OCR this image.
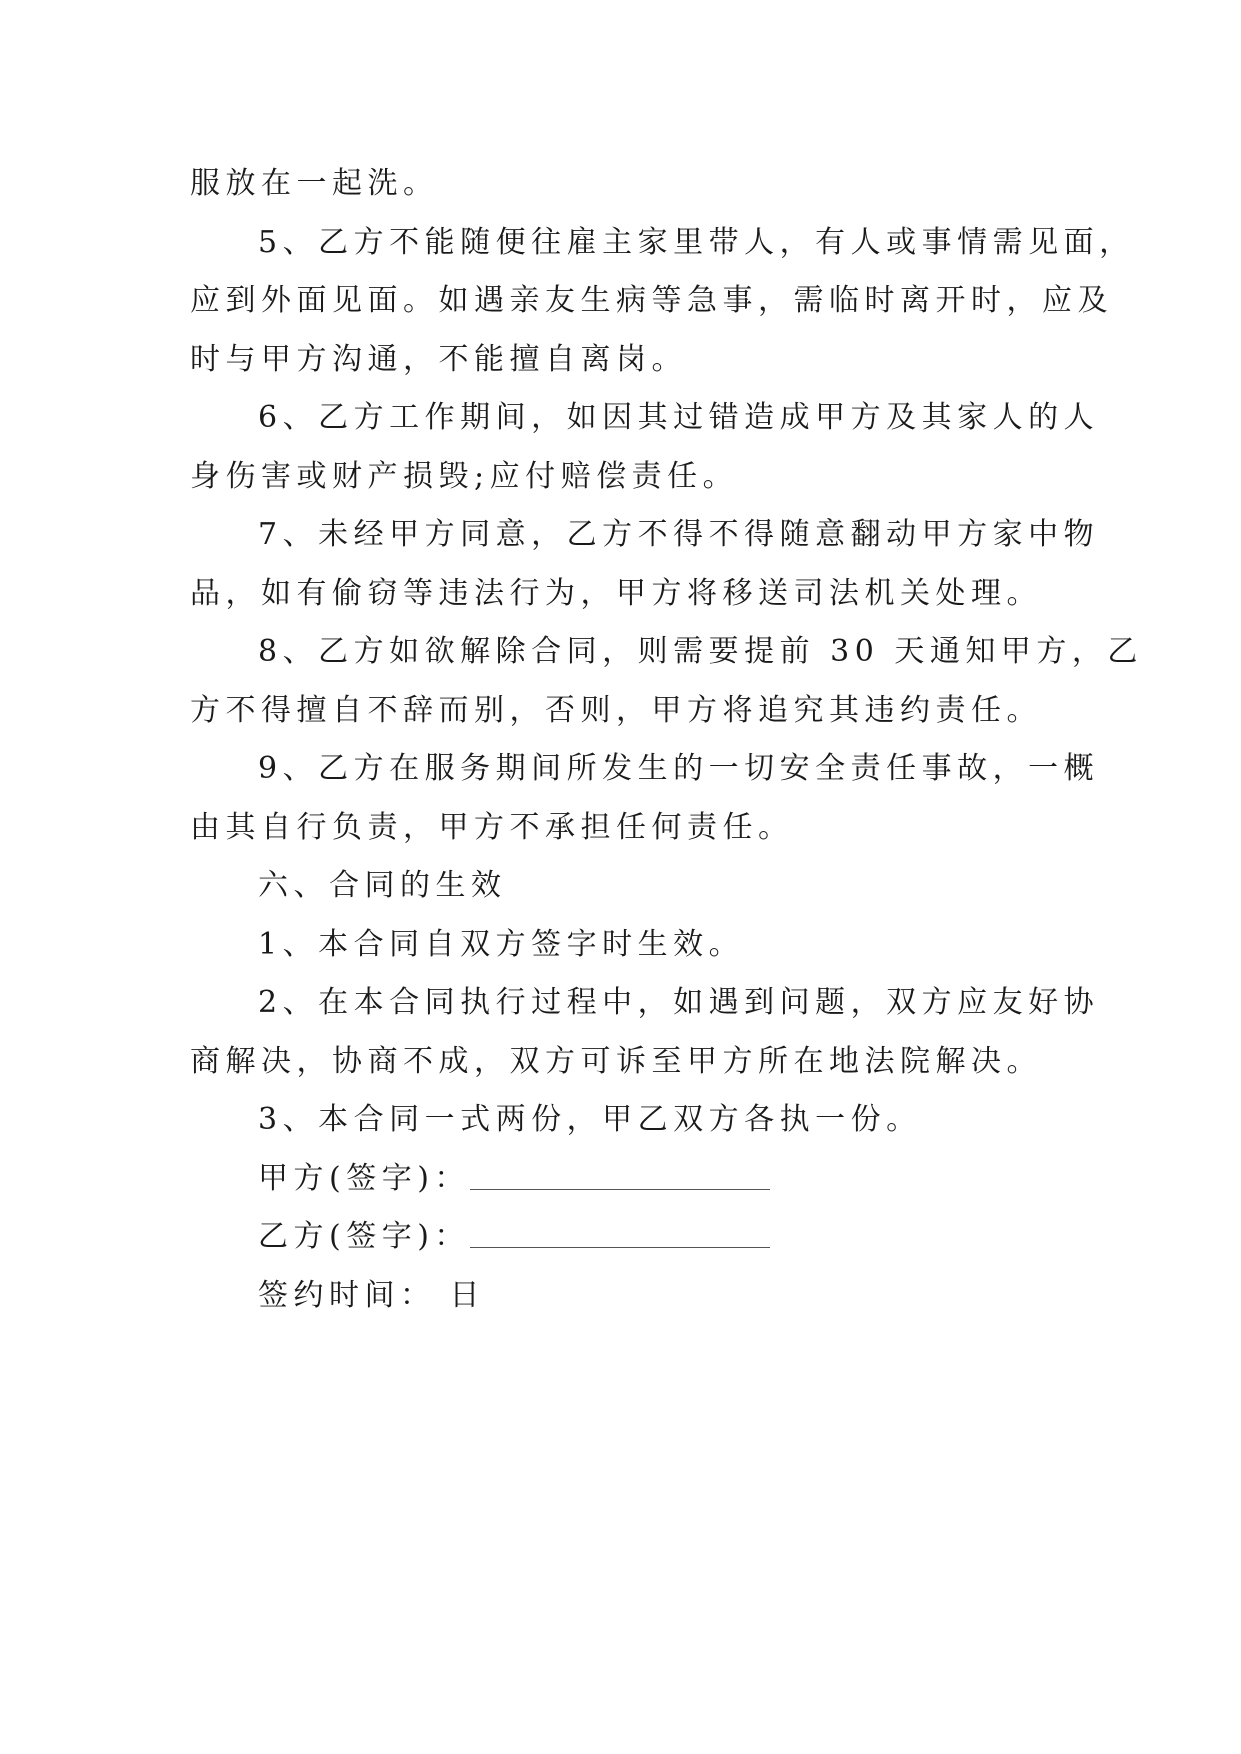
服放在一起洗。
5、乙方不能随便往雇主家里带人，有人或事情需见面，
应到外面见面。如遇亲友生病等急事，需临时离开时，应及
时与甲方沟通，不能擅自离岗。
6、乙方工作期间，如因其过错造成甲方及其家人的人
身伤害或财产损毁;应付赔偿责任。
7、未经甲方同意，乙方不得不得随意翻动甲方家中物
品，如有偷窃等违法行为，甲方将移送司法机关处理。
8、乙方如欲解除合同，则需要提前 30 天通知甲方，乙
方不得擅自不辞而别，否则，甲方将追究其违约责任。
9、乙方在服务期间所发生的一切安全责任事故，一概
由其自行负责，甲方不承担任何责任。
六、合同的生效
1、本合同自双方签字时生效。
2、在本合同执行过程中，如遇到问题，双方应友好协
商解决，协商不成，双方可诉至甲方所在地法院解决。
3、本合同一式两份，甲乙双方各执一份。
甲方(签字)：
乙方(签字)：
签约时间： 日
